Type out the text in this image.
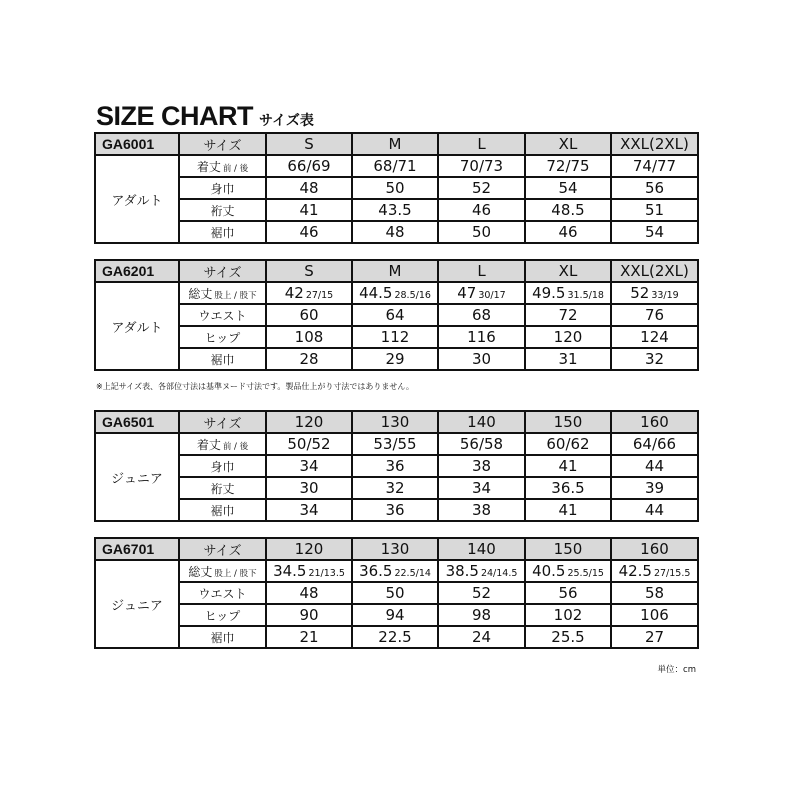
SIZE CHART サイズ表
GA6001	サイズ	S	M	L	XL	XXL(2XL)
アダルト	着丈 前 / 後	66/69	68/71	70/73	72/75	74/77
	身巾	48	50	52	54	56
	裄丈	41	43.5	46	48.5	51
	裾巾	46	48	50	46	54
GA6201	サイズ	S	M	L	XL	XXL(2XL)
アダルト	総丈 股上 / 股下	42 27/15	44.5 28.5/16	47 30/17	49.5 31.5/18	52 33/19
	ウエスト	60	64	68	72	76
	ヒップ	108	112	116	120	124
	裾巾	28	29	30	31	32
※上記サイズ表、各部位寸法は基準ヌード寸法です。製品仕上がり寸法ではありません。
GA6501	サイズ	120	130	140	150	160
ジュニア	着丈 前 / 後	50/52	53/55	56/58	60/62	64/66
	身巾	34	36	38	41	44
	裄丈	30	32	34	36.5	39
	裾巾	34	36	38	41	44
GA6701	サイズ	120	130	140	150	160
ジュニア	総丈 股上 / 股下	34.5 21/13.5	36.5 22.5/14	38.5 24/14.5	40.5 25.5/15	42.5 27/15.5
	ウエスト	48	50	52	56	58
	ヒップ	90	94	98	102	106
	裾巾	21	22.5	24	25.5	27
単位：cm
